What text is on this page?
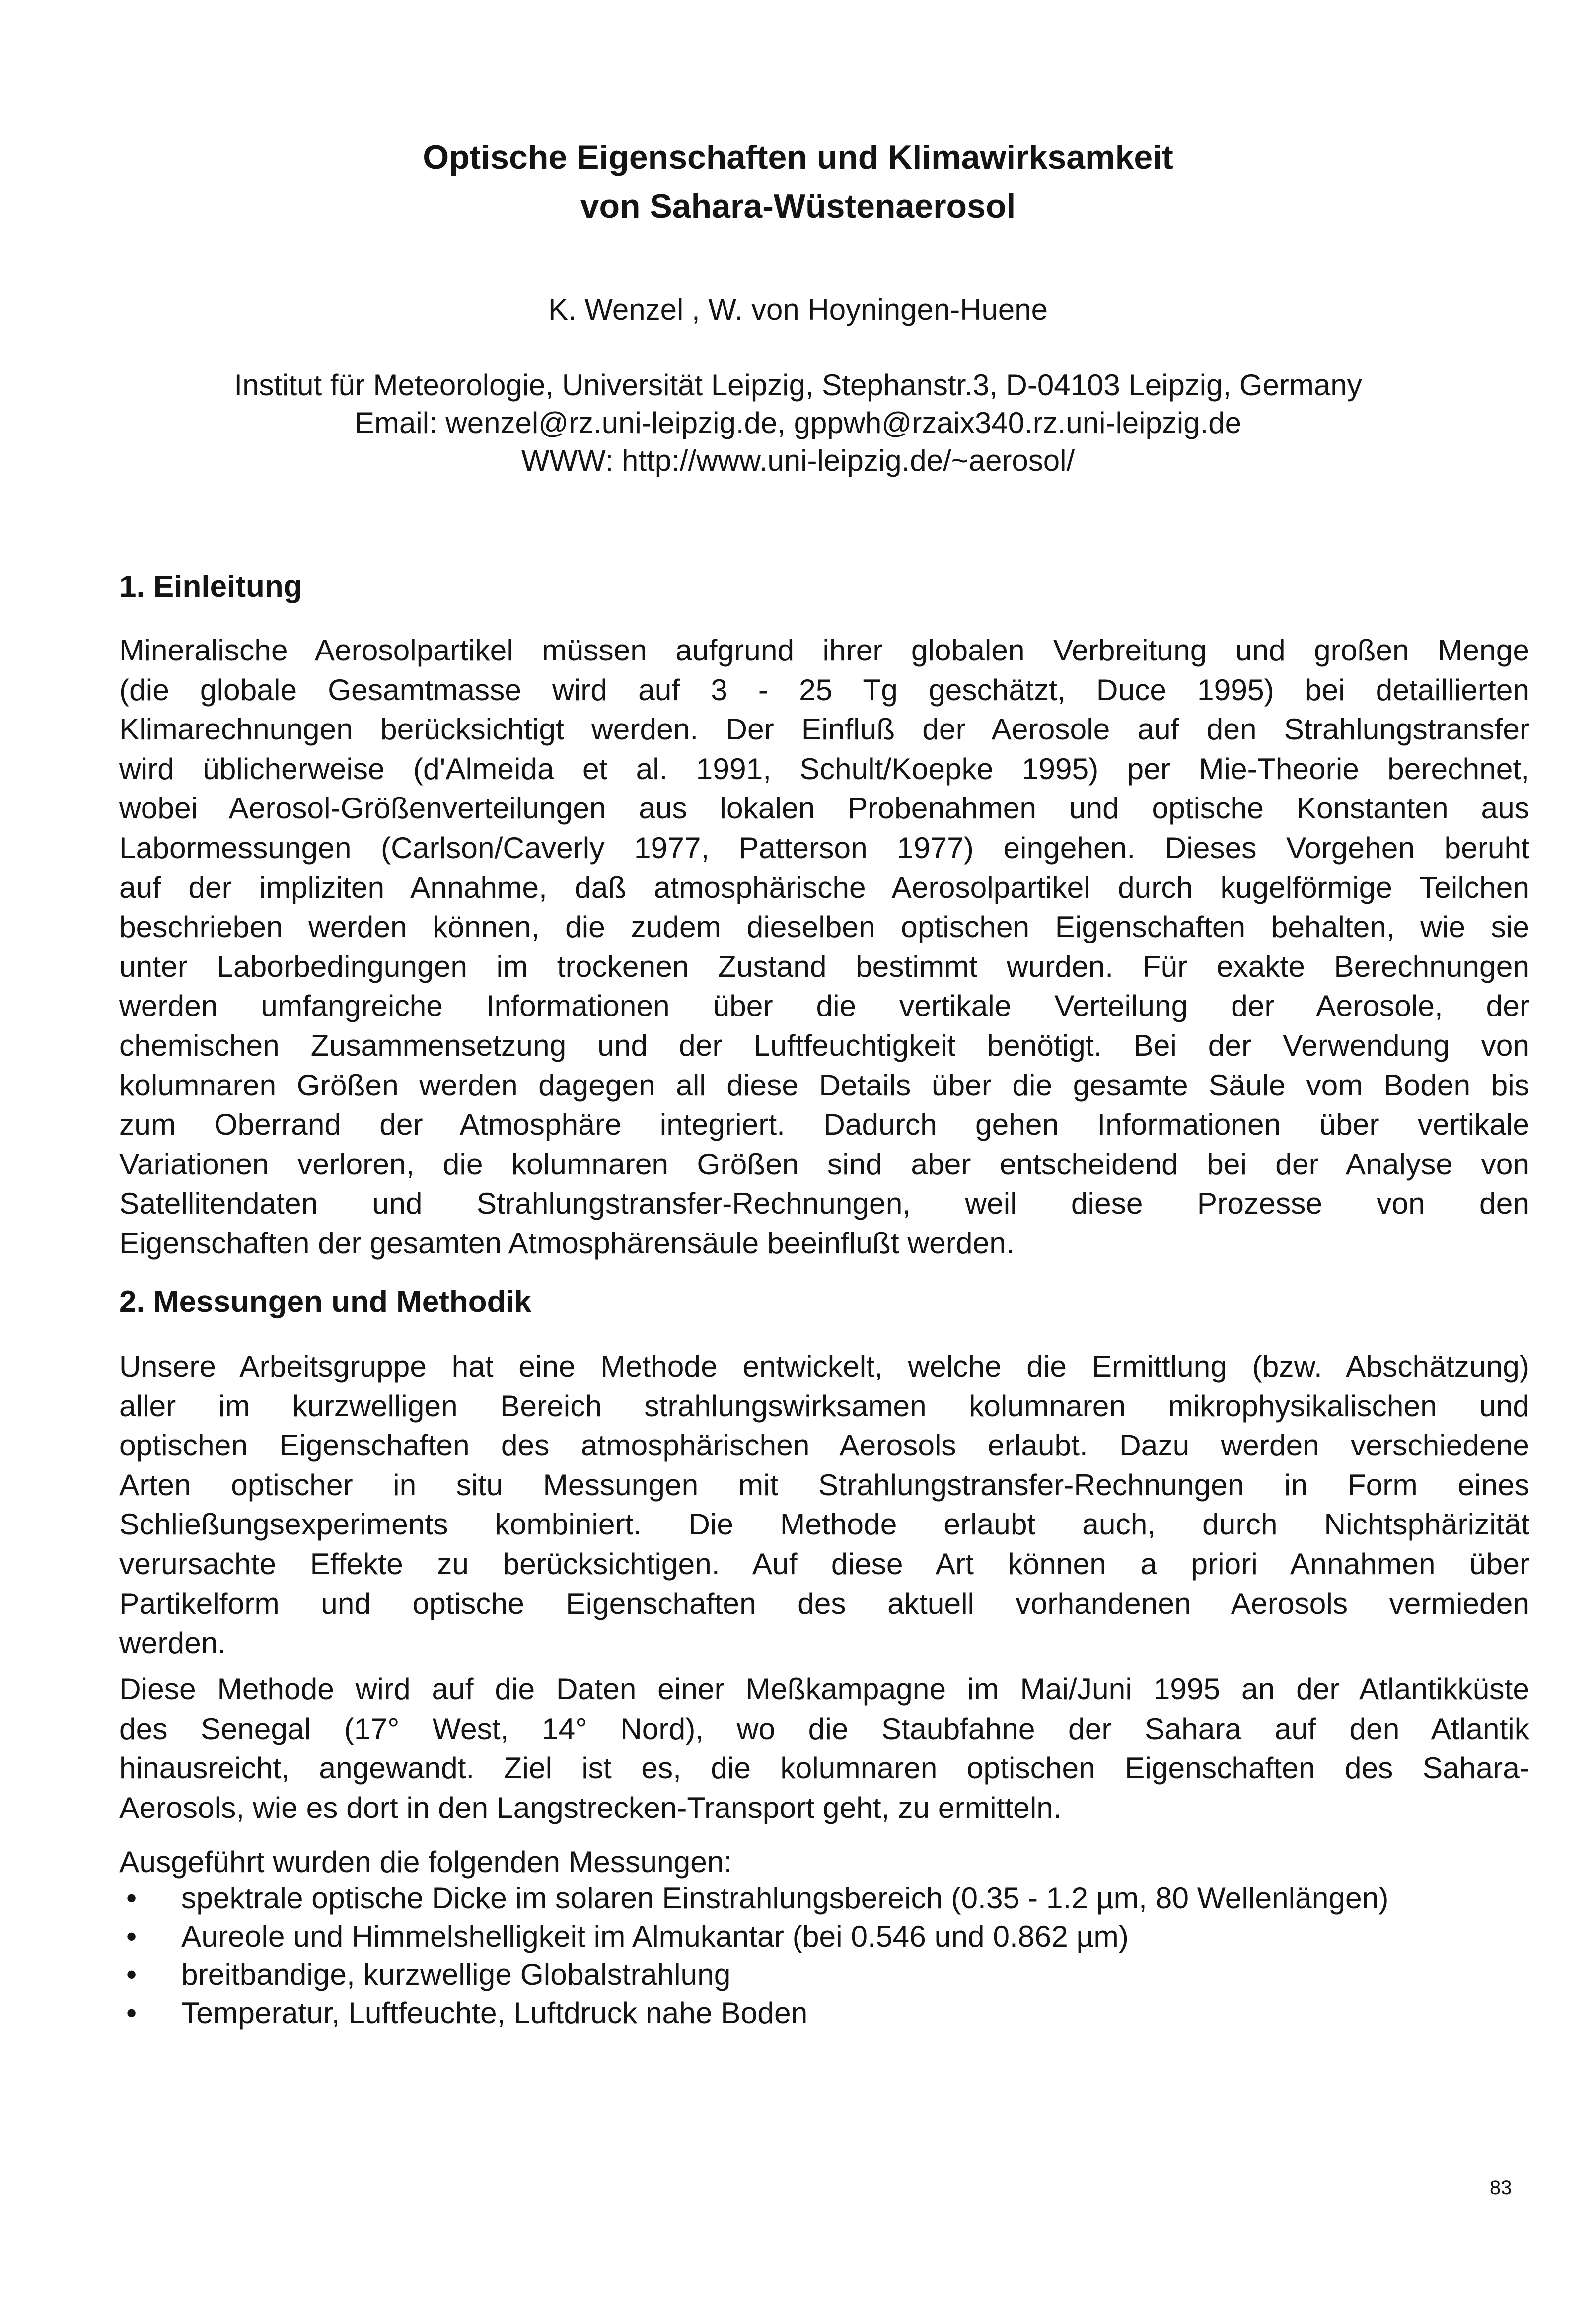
Optische Eigenschaften und Klimawirksamkeit
von Sahara-Wüstenaerosol
K. Wenzel , W. von Hoyningen-Huene
Institut für Meteorologie, Universität Leipzig, Stephanstr.3, D-04103 Leipzig, Germany
Email: wenzel@rz.uni-leipzig.de, gppwh@rzaix340.rz.uni-leipzig.de
WWW: http://www.uni-leipzig.de/~aerosol/
1. Einleitung
Mineralische Aerosolpartikel müssen aufgrund ihrer globalen Verbreitung und großen Menge
(die globale Gesamtmasse wird auf 3 - 25 Tg geschätzt, Duce 1995) bei detaillierten
Klimarechnungen berücksichtigt werden. Der Einfluß der Aerosole auf den Strahlungstransfer
wird üblicherweise (d'Almeida et al. 1991, Schult/Koepke 1995) per Mie-Theorie berechnet,
wobei Aerosol-Größenverteilungen aus lokalen Probenahmen und optische Konstanten aus
Labormessungen (Carlson/Caverly 1977, Patterson 1977) eingehen. Dieses Vorgehen beruht
auf der impliziten Annahme, daß atmosphärische Aerosolpartikel durch kugelförmige Teilchen
beschrieben werden können, die zudem dieselben optischen Eigenschaften behalten, wie sie
unter Laborbedingungen im trockenen Zustand bestimmt wurden. Für exakte Berechnungen
werden umfangreiche Informationen über die vertikale Verteilung der Aerosole, der
chemischen Zusammensetzung und der Luftfeuchtigkeit benötigt. Bei der Verwendung von
kolumnaren Größen werden dagegen all diese Details über die gesamte Säule vom Boden bis
zum Oberrand der Atmosphäre integriert. Dadurch gehen Informationen über vertikale
Variationen verloren, die kolumnaren Größen sind aber entscheidend bei der Analyse von
Satellitendaten und Strahlungstransfer-Rechnungen, weil diese Prozesse von den
Eigenschaften der gesamten Atmosphärensäule beeinflußt werden.
2. Messungen und Methodik
Unsere Arbeitsgruppe hat eine Methode entwickelt, welche die Ermittlung (bzw. Abschätzung)
aller im kurzwelligen Bereich strahlungswirksamen kolumnaren mikrophysikalischen und
optischen Eigenschaften des atmosphärischen Aerosols erlaubt. Dazu werden verschiedene
Arten optischer in situ Messungen mit Strahlungstransfer-Rechnungen in Form eines
Schließungsexperiments kombiniert. Die Methode erlaubt auch, durch Nichtsphärizität
verursachte Effekte zu berücksichtigen. Auf diese Art können a priori Annahmen über
Partikelform und optische Eigenschaften des aktuell vorhandenen Aerosols vermieden
werden.
Diese Methode wird auf die Daten einer Meßkampagne im Mai/Juni 1995 an der Atlantikküste
des Senegal (17° West, 14° Nord), wo die Staubfahne der Sahara auf den Atlantik
hinausreicht, angewandt. Ziel ist es, die kolumnaren optischen Eigenschaften des Sahara-
Aerosols, wie es dort in den Langstrecken-Transport geht, zu ermitteln.
Ausgeführt wurden die folgenden Messungen:
• spektrale optische Dicke im solaren Einstrahlungsbereich (0.35 - 1.2 µm, 80 Wellenlängen)
• Aureole und Himmelshelligkeit im Almukantar (bei 0.546 und 0.862 µm)
• breitbandige, kurzwellige Globalstrahlung
• Temperatur, Luftfeuchte, Luftdruck nahe Boden
83
